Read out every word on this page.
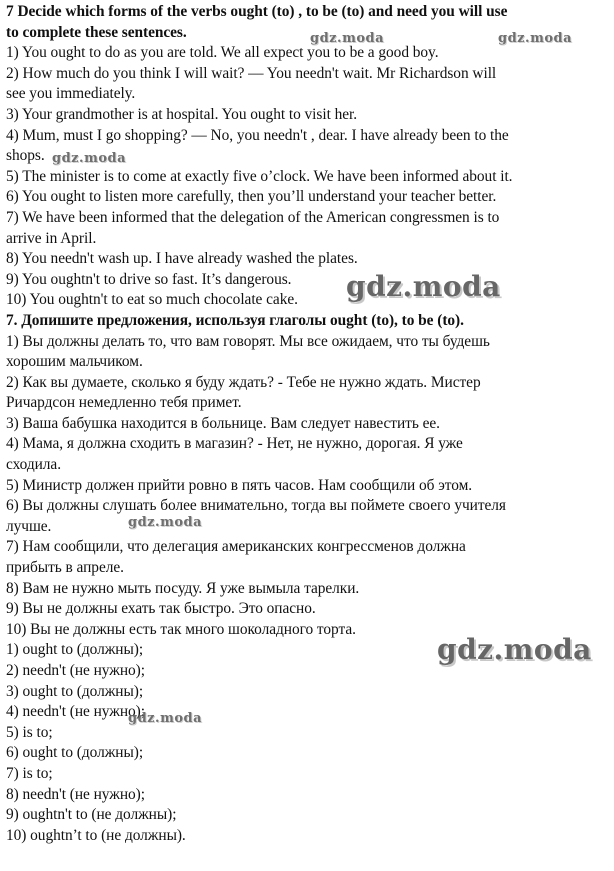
7 Decide which forms of the verbs ought (to) , to be (to) and need you will use
to complete these sentences.
1) You ought to do as you are told. We all expect you to be a good boy.
2) How much do you think I will wait? — You needn't wait. Mr Richardson will
see you immediately.
3) Your grandmother is at hospital. You ought to visit her.
4) Mum, must I go shopping? — No, you needn't , dear. I have already been to the
shops.
5) The minister is to come at exactly five o’clock. We have been informed about it.
6) You ought to listen more carefully, then you’ll understand your teacher better.
7) We have been informed that the delegation of the American congressmen is to
arrive in April.
8) You needn't wash up. I have already washed the plates.
9) You oughtn't to drive so fast. It’s dangerous.
10) You oughtn't to eat so much chocolate cake.
7. Допишите предложения, используя глаголы ought (to), to be (to).
1) Вы должны делать то, что вам говорят. Мы все ожидаем, что ты будешь
хорошим мальчиком.
2) Как вы думаете, сколько я буду ждать? - Тебе не нужно ждать. Мистер
Ричардсон немедленно тебя примет.
3) Ваша бабушка находится в больнице. Вам следует навестить ее.
4) Мама, я должна сходить в магазин? - Нет, не нужно, дорогая. Я уже
сходила.
5) Министр должен прийти ровно в пять часов. Нам сообщили об этом.
6) Вы должны слушать более внимательно, тогда вы поймете своего учителя
лучше.
7) Нам сообщили, что делегация американских конгрессменов должна
прибыть в апреле.
8) Вам не нужно мыть посуду. Я уже вымыла тарелки.
9) Вы не должны ехать так быстро. Это опасно.
10) Вы не должны есть так много шоколадного торта.
1) ought to (должны);
2) needn't (не нужно);
3) ought to (должны);
4) needn't (не нужно);
5) is to;
6) ought to (должны);
7) is to;
8) needn't (не нужно);
9) oughtn't to (не должны);
10) oughtn’t to (не должны).
gdz.moda	gdz.moda
gdz.moda
gdz.moda
gdz.moda
gdz.moda
gdz.moda
